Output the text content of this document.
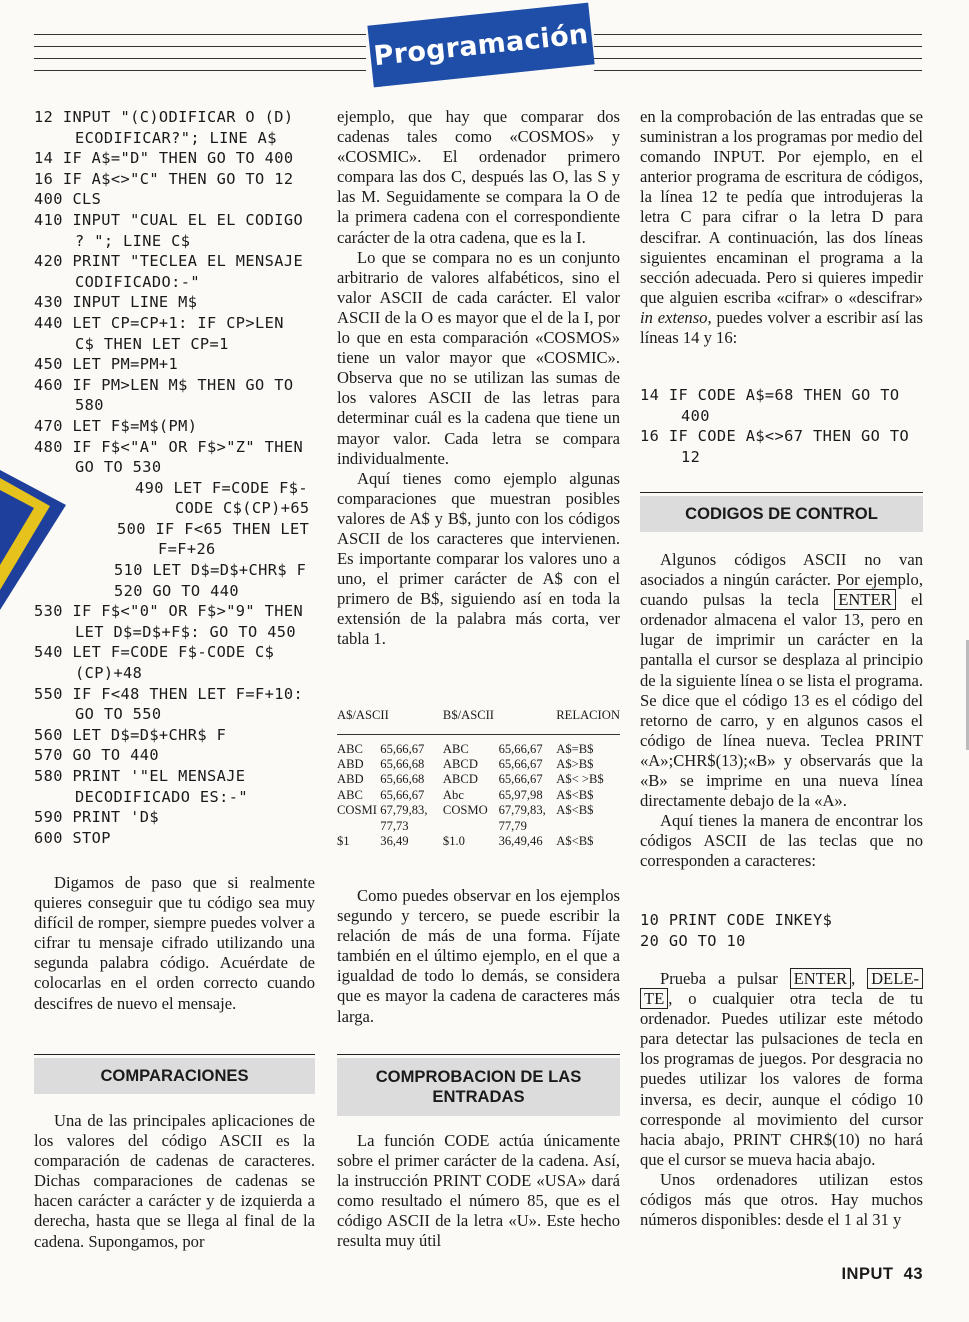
Programación
12 INPUT "(C)ODIFICAR O (D)
ECODIFICAR?"; LINE A$
14 IF A$="D" THEN GO TO 400
16 IF A$<>"C" THEN GO TO 12
400 CLS
410 INPUT "CUAL EL EL CODIGO
? "; LINE C$
420 PRINT "TECLEA EL MENSAJE
CODIFICADO:-"
430 INPUT LINE M$
440 LET CP=CP+1: IF CP>LEN
C$ THEN LET CP=1
450 LET PM=PM+1
460 IF PM>LEN M$ THEN GO TO
580
470 LET F$=M$(PM)
480 IF F$<"A" OR F$>"Z" THEN
GO TO 530
490 LET F=CODE F$-
CODE C$(CP)+65
500 IF F<65 THEN LET
F=F+26
510 LET D$=D$+CHR$ F
520 GO TO 440
530 IF F$<"0" OR F$>"9" THEN
LET D$=D$+F$: GO TO 450
540 LET F=CODE F$-CODE C$
(CP)+48
550 IF F<48 THEN LET F=F+10:
GO TO 550
560 LET D$=D$+CHR$ F
570 GO TO 440
580 PRINT '"EL MENSAJE
DECODIFICADO ES:-"
590 PRINT 'D$
600 STOP

Digamos de paso que si realmente quieres conseguir que tu código sea muy difícil de romper, siempre puedes volver a cifrar tu mensaje cifrado utilizando una segunda palabra código. Acuérdate de colocarlas en el orden correcto cuando descifres de nuevo el mensaje.

COMPARACIONES

Una de las principales aplicaciones de los valores del código ASCII es la comparación de cadenas de caracteres. Dichas comparaciones de cadenas se hacen carácter a carácter y de izquierda a derecha, hasta que se llega al final de la cadena. Supongamos, por

ejemplo, que hay que comparar dos cadenas tales como «COSMOS» y «COSMIC». El ordenador primero compara las dos C, después las O, las S y las M. Seguidamente se compara la O de la primera cadena con el correspondiente carácter de la otra cadena, que es la I.

Lo que se compara no es un conjunto arbitrario de valores alfabéticos, sino el valor ASCII de cada carácter. El valor ASCII de la O es mayor que el de la I, por lo que en esta comparación «COSMOS» tiene un valor mayor que «COSMIC». Observa que no se utilizan las sumas de los valores ASCII de las letras para determinar cuál es la cadena que tiene un mayor valor. Cada letra se compara individualmente.

Aquí tienes como ejemplo algunas comparaciones que muestran posibles valores de A$ y B$, junto con los códigos ASCII de los caracteres que intervienen. Es importante comparar los valores uno a uno, el primer carácter de A$ con el primero de B$, siguiendo así en toda la extensión de la palabra más corta, ver tabla 1.

A$/ASCII		B$/ASCII		RELACION

ABC	65,66,67	ABC	65,66,67	A$=B$
ABD	65,66,68	ABCD	65,66,67	A$>B$
ABD	65,66,68	ABCD	65,66,67	A$< >B$
ABC	65,66,67	Abc	65,97,98	A$<B$
COSMI	67,79,83,	COSMO	67,79,83,	A$<B$
	77,73		77,79	
$1	36,49	$1.0	36,49,46	A$<B$

Como puedes observar en los ejemplos segundo y tercero, se puede escribir la relación de más de una forma. Fíjate también en el último ejemplo, en el que a igualdad de todo lo demás, se considera que es mayor la cadena de caracteres más larga.

COMPROBACION DE LAS
ENTRADAS

La función CODE actúa únicamente sobre el primer carácter de la cadena. Así, la instrucción PRINT CODE «USA» dará como resultado el número 85, que es el código ASCII de la letra «U». Este hecho resulta muy útil

en la comprobación de las entradas que se suministran a los programas por medio del comando INPUT. Por ejemplo, en el anterior programa de escritura de códigos, la línea 12 te pedía que introdujeras la letra C para cifrar o la letra D para descifrar. A continuación, las dos líneas siguientes encaminan el programa a la sección adecuada. Pero si quieres impedir que alguien escriba «cifrar» o «descifrar» in extenso, puedes volver a escribir así las líneas 14 y 16:

14 IF CODE A$=68 THEN GO TO
400
16 IF CODE A$<>67 THEN GO TO
12
CODIGOS DE CONTROL

Algunos códigos ASCII no van asociados a ningún carácter. Por ejemplo, cuando pulsas la tecla ENTER el ordenador almacena el valor 13, pero en lugar de imprimir un carácter en la pantalla el cursor se desplaza al principio de la siguiente línea o se lista el programa. Se dice que el código 13 es el código del retorno de carro, y en algunos casos el código de línea nueva. Teclea PRINT «A»;CHR$(13);«B» y observarás que la «B» se imprime en una nueva línea directamente debajo de la «A».

Aquí tienes la manera de encontrar los códigos ASCII de las teclas que no corresponden a caracteres:

10 PRINT CODE INKEY$
20 GO TO 10

Prueba a pulsar ENTER , DELE- TE , o cualquier otra tecla de tu ordenador. Puedes utilizar este método para detectar las pulsaciones de tecla en los programas de juegos. Por desgracia no puedes utilizar los valores de forma inversa, es decir, aunque el código 10 corresponde al movimiento del cursor hacia abajo, PRINT CHR$(10) no hará que el cursor se mueva hacia abajo.

Unos ordenadores utilizan estos códigos más que otros. Hay muchos números disponibles: desde el 1 al 31 y

INPUT 43
